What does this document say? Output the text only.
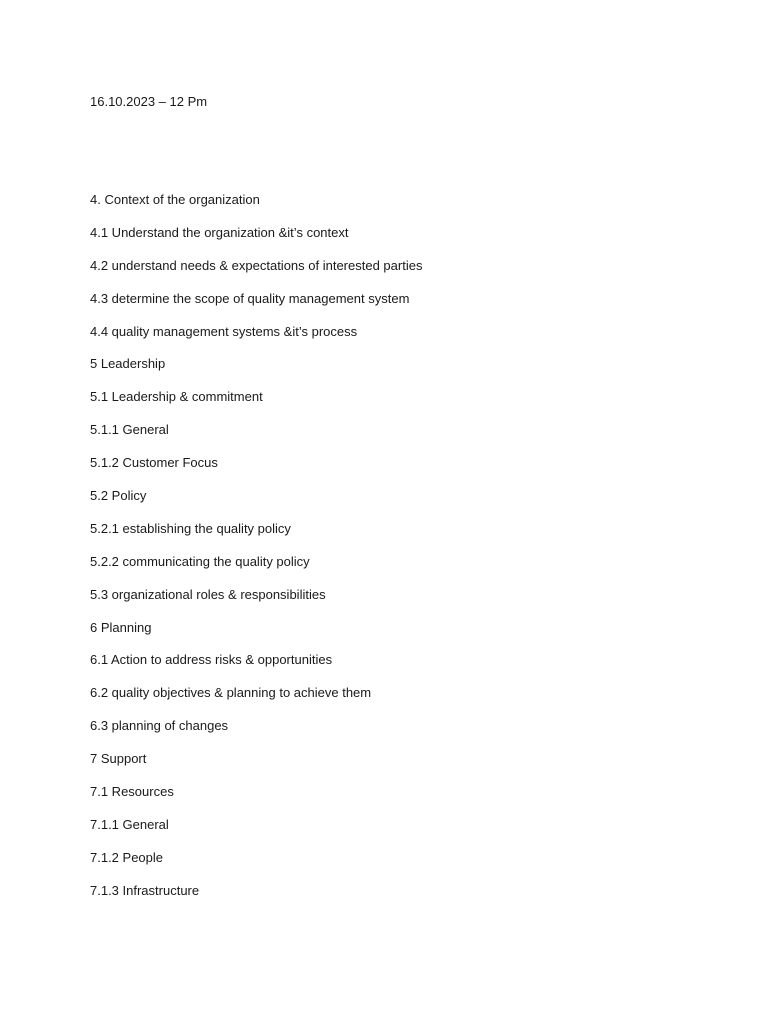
16.10.2023 – 12 Pm
4. Context of the organization
4.1 Understand the organization &it’s context
4.2 understand needs & expectations of interested parties
4.3 determine the scope of quality management system
4.4 quality management systems &it’s process
5 Leadership
5.1 Leadership & commitment
5.1.1 General
5.1.2 Customer Focus
5.2 Policy
5.2.1 establishing the quality policy
5.2.2 communicating the quality policy
5.3 organizational roles & responsibilities
6 Planning
6.1 Action to address risks & opportunities
6.2 quality objectives & planning to achieve them
6.3 planning of changes
7 Support
7.1 Resources
7.1.1 General
7.1.2 People
7.1.3 Infrastructure
